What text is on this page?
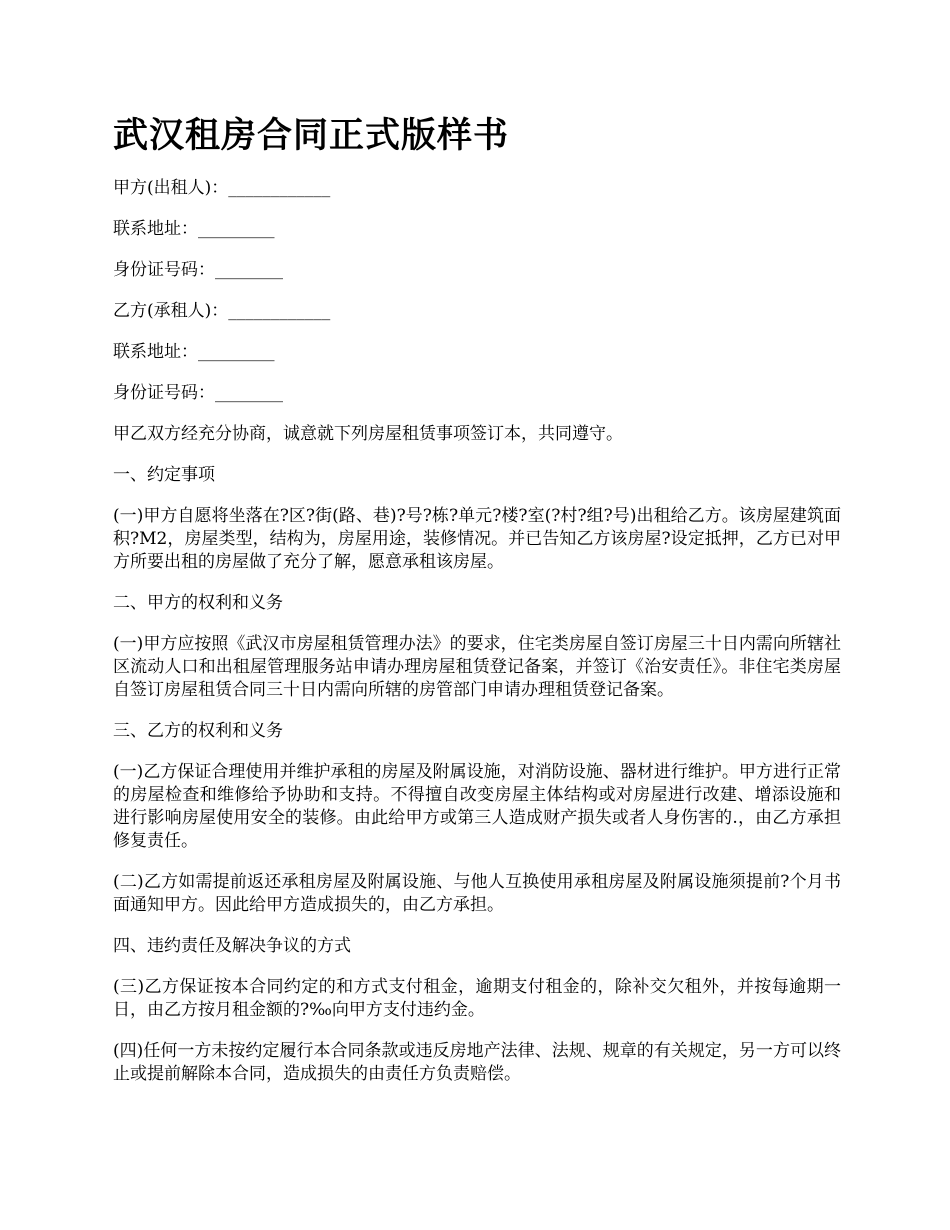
武汉租房合同正式版样书

甲方(出租人)：____________

联系地址：_________

身份证号码：________

乙方(承租人)：____________

联系地址：_________

身份证号码：________

甲乙双方经充分协商，诚意就下列房屋租赁事项签订本，共同遵守。

一、约定事项

(一)甲方自愿将坐落在?区?街(路、巷)?号?栋?单元?楼?室(?村?组?号)出租给乙方。该房屋建筑面积?M2，房屋类型，结构为，房屋用途，装修情况。并已告知乙方该房屋?设定抵押，乙方已对甲方所要出租的房屋做了充分了解，愿意承租该房屋。

二、甲方的权利和义务

(一)甲方应按照《武汉市房屋租赁管理办法》的要求，住宅类房屋自签订房屋三十日内需向所辖社区流动人口和出租屋管理服务站申请办理房屋租赁登记备案，并签订《治安责任》。非住宅类房屋自签订房屋租赁合同三十日内需向所辖的房管部门申请办理租赁登记备案。

三、乙方的权利和义务

(一)乙方保证合理使用并维护承租的房屋及附属设施，对消防设施、器材进行维护。甲方进行正常的房屋检查和维修给予协助和支持。不得擅自改变房屋主体结构或对房屋进行改建、增添设施和进行影响房屋使用安全的装修。由此给甲方或第三人造成财产损失或者人身伤害的.，由乙方承担修复责任。

(二)乙方如需提前返还承租房屋及附属设施、与他人互换使用承租房屋及附属设施须提前?个月书面通知甲方。因此给甲方造成损失的，由乙方承担。

四、违约责任及解决争议的方式

(三)乙方保证按本合同约定的和方式支付租金，逾期支付租金的，除补交欠租外，并按每逾期一日，由乙方按月租金额的?‰向甲方支付违约金。

(四)任何一方未按约定履行本合同条款或违反房地产法律、法规、规章的有关规定，另一方可以终止或提前解除本合同，造成损失的由责任方负责赔偿。
